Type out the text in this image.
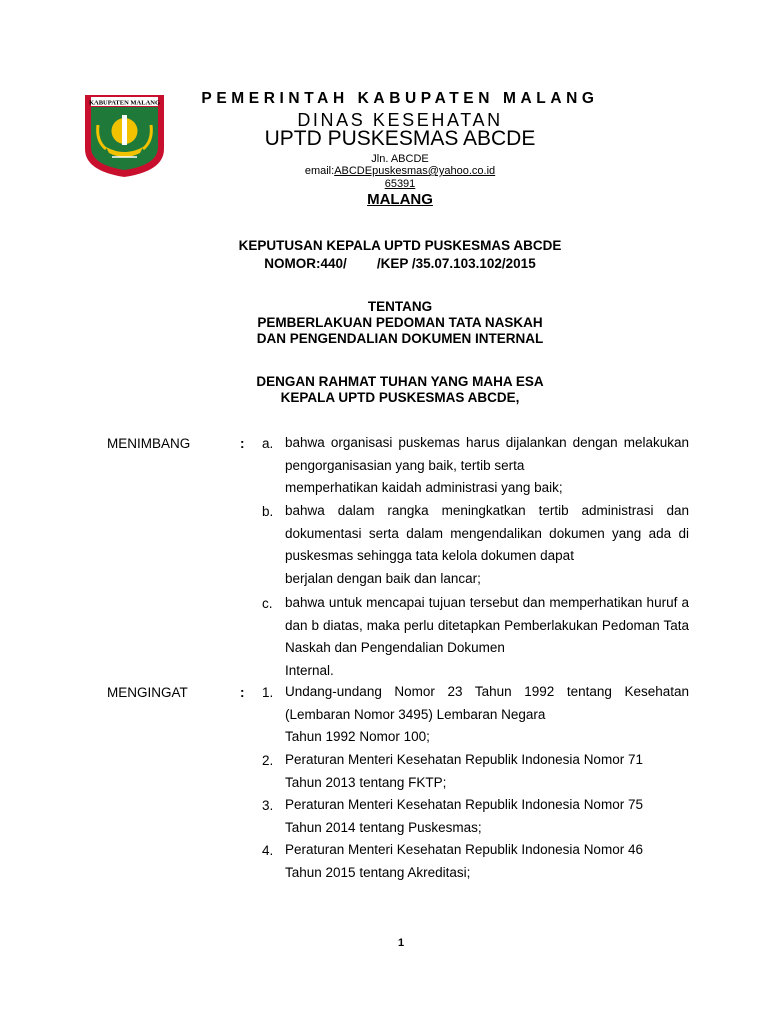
KABUPATEN MALANG	PEMERINTAH KABUPATEN MALANG
DINAS KESEHATAN
UPTD PUSKESMAS ABCDE
Jln. ABCDE
email:ABCDEpuskesmas@yahoo.co.id
65391
MALANG
KEPUTUSAN KEPALA UPTD PUSKESMAS ABCDE
NOMOR:440/        /KEP /35.07.103.102/2015
TENTANG
PEMBERLAKUAN PEDOMAN TATA NASKAH
DAN PENGENDALIAN DOKUMEN INTERNAL
DENGAN RAHMAT TUHAN YANG MAHA ESA
KEPALA UPTD PUSKESMAS ABCDE,
MENIMBANG	: a. bahwa organisasi puskemas harus dijalankan dengan melakukan pengorganisasian yang baik, tertib serta
memperhatikan kaidah administrasi yang baik;
b. bahwa dalam rangka meningkatkan tertib administrasi dan dokumentasi serta dalam mengendalikan dokumen yang ada di puskesmas sehingga tata kelola dokumen dapat
berjalan dengan baik dan lancar;
c. bahwa untuk mencapai tujuan tersebut dan memperhatikan huruf a dan b diatas, maka perlu ditetapkan Pemberlakukan Pedoman Tata Naskah dan Pengendalian Dokumen
Internal.
MENGINGAT	: 1. Undang-undang Nomor 23 Tahun 1992 tentang Kesehatan (Lembaran Nomor 3495) Lembaran Negara
Tahun 1992 Nomor 100;
2. Peraturan Menteri Kesehatan Republik Indonesia Nomor 71
Tahun 2013 tentang FKTP;
3. Peraturan Menteri Kesehatan Republik Indonesia Nomor 75
Tahun 2014 tentang Puskesmas;
4. Peraturan Menteri Kesehatan Republik Indonesia Nomor 46
Tahun 2015 tentang Akreditasi;
1
